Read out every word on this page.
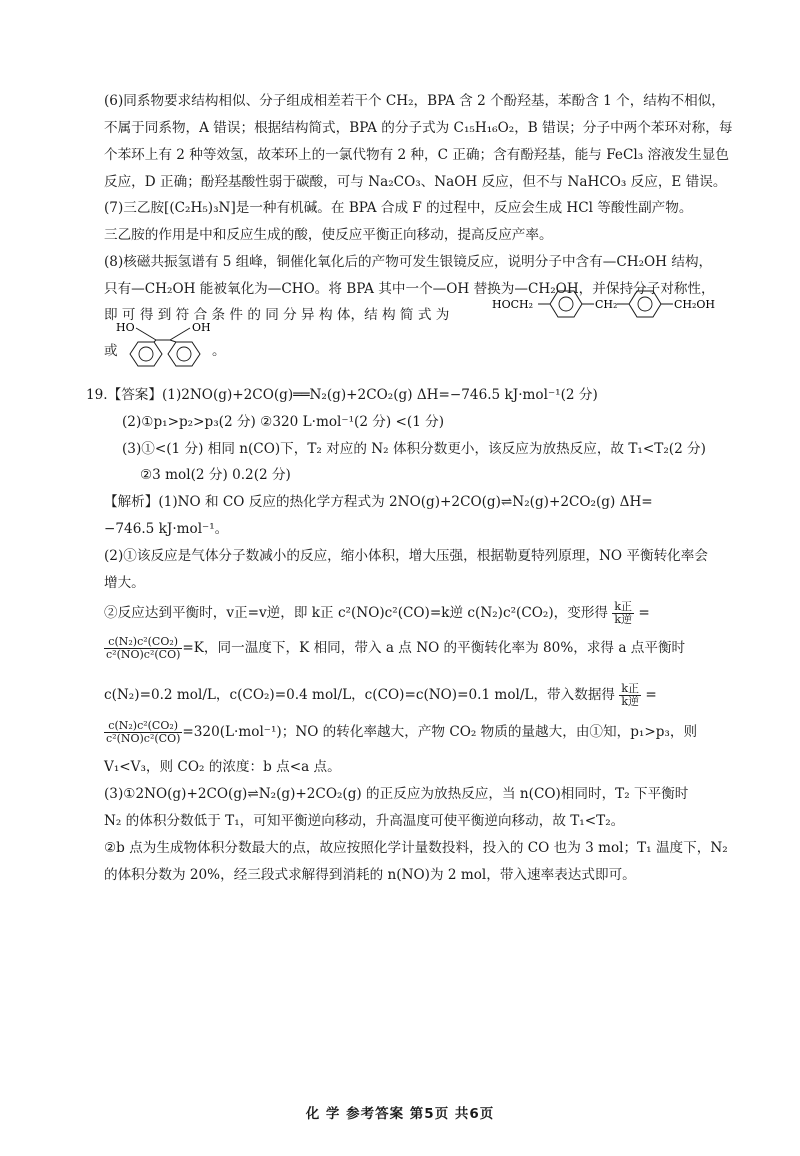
(6)同系物要求结构相似、分子组成相差若干个 CH₂，BPA 含 2 个酚羟基，苯酚含 1 个，结构不相似，
不属于同系物，A 错误；根据结构简式，BPA 的分子式为 C₁₅H₁₆O₂，B 错误；分子中两个苯环对称，每
个苯环上有 2 种等效氢，故苯环上的一氯代物有 2 种，C 正确；含有酚羟基，能与 FeCl₃ 溶液发生显色
反应，D 正确；酚羟基酸性弱于碳酸，可与 Na₂CO₃、NaOH 反应，但不与 NaHCO₃ 反应，E 错误。
(7)三乙胺[(C₂H₅)₃N]是一种有机碱。在 BPA 合成 F 的过程中，反应会生成 HCl 等酸性副产物。
三乙胺的作用是中和反应生成的酸，使反应平衡正向移动，提高反应产率。
(8)核磁共振氢谱有 5 组峰，铜催化氧化后的产物可发生银镜反应，说明分子中含有—CH₂OH 结构，
只有—CH₂OH 能被氧化为—CHO。将 BPA 其中一个—OH 替换为—CH₂OH，并保持分子对称性，
即 可 得 到 符 合 条 件 的 同 分 异 构 体，结 构 简 式 为
HOCH₂	CH₂	CH₂OH
或
HO	OH
。
19.【答案】(1)2NO(g)+2CO(g)══N₂(g)+2CO₂(g) ΔH=−746.5 kJ·mol⁻¹(2 分)
(2)①p₁>p₂>p₃(2 分) ②320 L·mol⁻¹(2 分) <(1 分)
(3)①<(1 分) 相同 n(CO)下，T₂ 对应的 N₂ 体积分数更小，该反应为放热反应，故 T₁<T₂(2 分)
②3 mol(2 分) 0.2(2 分)
【解析】(1)NO 和 CO 反应的热化学方程式为 2NO(g)+2CO(g)⇌N₂(g)+2CO₂(g) ΔH=
−746.5 kJ·mol⁻¹。
(2)①该反应是气体分子数减小的反应，缩小体积，增大压强，根据勒夏特列原理，NO 平衡转化率会
增大。
②反应达到平衡时，v正=v逆，即 k正 c²(NO)c²(CO)=k逆 c(N₂)c²(CO₂)，变形得 $\frac{\text{k正}}{\text{k逆}}$ =
$\frac{\text{c(N₂)c²(CO₂)}}{\text{c²(NO)c²(CO)}} =K$，同一温度下，K 相同，带入 a 点 NO 的平衡转化率为 80%，求得 a 点平衡时
c(N₂)=0.2 mol/L，c(CO₂)=0.4 mol/L，c(CO)=c(NO)=0.1 mol/L，带入数据得 $\frac{\text{k正}}{\text{k逆}}$ =
$\frac{\text{c(N₂)c²(CO₂)}}{\text{c²(NO)c²(CO)}} =320(L\cdot mol^{-1})$；NO 的转化率越大，产物 CO₂ 物质的量越大，由①知，p₁>p₃，则
V₁<V₃，则 CO₂ 的浓度：b 点<a 点。
(3)①2NO(g)+2CO(g)⇌N₂(g)+2CO₂(g) 的正反应为放热反应，当 n(CO)相同时，T₂ 下平衡时
N₂ 的体积分数低于 T₁，可知平衡逆向移动，升高温度可使平衡逆向移动，故 T₁<T₂。
②b 点为生成物体积分数最大的点，故应按照化学计量数投料，投入的 CO 也为 3 mol；T₁ 温度下，N₂
的体积分数为 20%，经三段式求解得到消耗的 n(NO)为 2 mol，带入速率表达式即可。
化 学 参考答案 第5页 共6页
